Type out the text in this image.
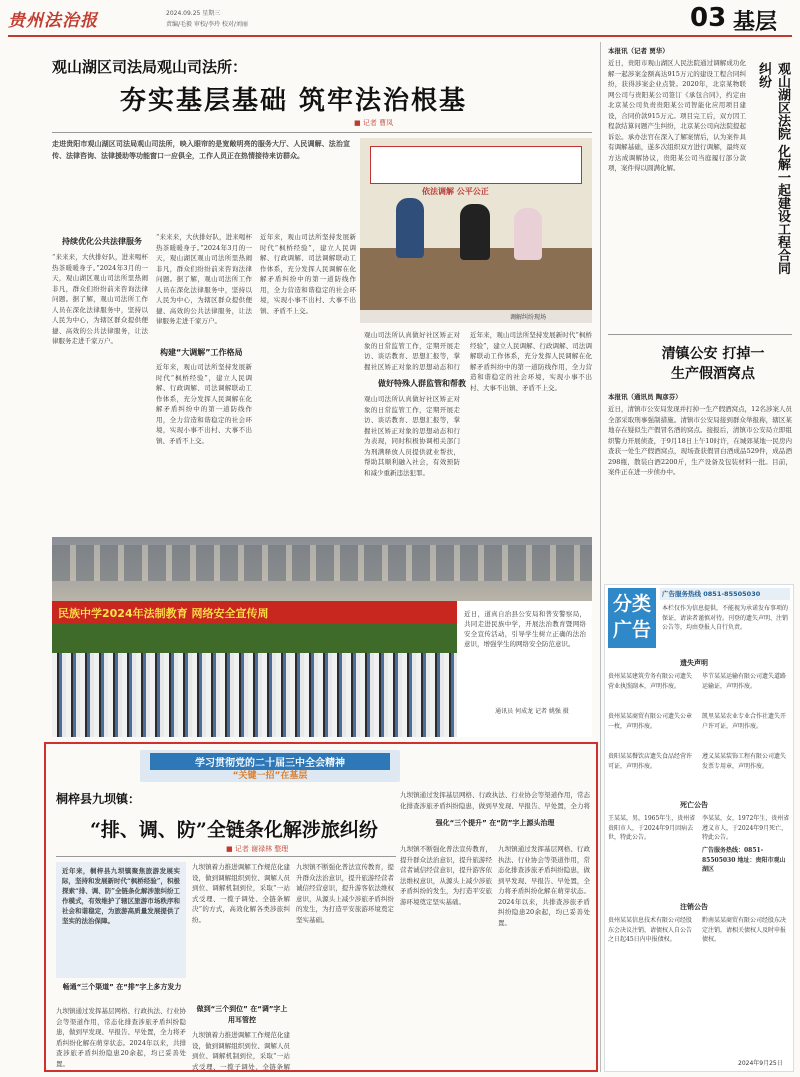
贵州法治报	2024.09.25 星期三
责编/毛毅 审校/李玲 校对/刘丽	03 基层
观山湖区司法局观山司法所：
夯实基层基础 筑牢法治根基
■ 记者 曹凤
走进贵阳市观山湖区司法局观山司法所，映入眼帘的是宽敞明亮的服务大厅、人民调解、法治宣传、法律咨询、法律援助等功能窗口一应俱全，工作人员正在热情接待来访群众。
依法调解 公平公正
调解纠纷现场
持续优化公共法律服务
“来来来，大伙排好队，进来喝杯热茶暖暖身子。”2024年3月的一天，观山湖区观山司法所里热闹非凡，群众们纷纷前来咨询法律问题。据了解，观山司法所工作人员在深化法律服务中，坚持以人民为中心，为辖区群众提供便捷、高效的公共法律服务，让法律服务走进千家万户。
“来来来，大伙排好队，进来喝杯热茶暖暖身子。”2024年3月的一天，观山湖区观山司法所里热闹非凡，群众们纷纷前来咨询法律问题。据了解，观山司法所工作人员在深化法律服务中，坚持以人民为中心，为辖区群众提供便捷、高效的公共法律服务，让法律服务走进千家万户。
构建“大调解”工作格局
近年来，观山司法所坚持发展新时代“枫桥经验”，建立人民调解、行政调解、司法调解联动工作体系，充分发挥人民调解在化解矛盾纠纷中的第一道防线作用，全力营造和谐稳定的社会环境，实现小事不出村、大事不出镇、矛盾不上交。
近年来，观山司法所坚持发展新时代“枫桥经验”，建立人民调解、行政调解、司法调解联动工作体系，充分发挥人民调解在化解矛盾纠纷中的第一道防线作用，全力营造和谐稳定的社会环境，实现小事不出村、大事不出镇、矛盾不上交。
观山司法所认真做好社区矫正对象的日常监管工作，定期开展走访、谈话教育、思想汇报等，掌握社区矫正对象的思想动态和行
做好特殊人群监管和帮教
观山司法所认真做好社区矫正对象的日常监管工作，定期开展走访、谈话教育、思想汇报等，掌握社区矫正对象的思想动态和行为表现，同时积极协调相关部门为刑满释放人员提供就业帮扶，帮助其顺利融入社会，有效预防和减少重新违法犯罪。
近年来，观山司法所坚持发展新时代“枫桥经验”，建立人民调解、行政调解、司法调解联动工作体系，充分发挥人民调解在化解矛盾纠纷中的第一道防线作用，全力营造和谐稳定的社会环境，实现小事不出村、大事不出镇、矛盾不上交。
民族中学2024年法制教育 网络安全宣传周	近日，道真自治县公安局和普安警察局，共同走进民族中学，开展法治教育暨网络安全宣传活动，引导学生树立正确的法治意识，增强学生的网络安全防范意识。
通讯员 何成龙 记者 姚强 摄
学习贯彻党的二十届三中全会精神
“关键一招”在基层
桐梓县九坝镇：
“排、调、防”全链条化解涉旅纠纷
■ 记者 谢禄林 整理
近年来，桐梓县九坝镇聚焦旅游发展实际，坚持和发展新时代“枫桥经验”，积极探索“排、调、防”全链条化解涉旅纠纷工作模式，有效维护了辖区旅游市场秩序和社会和谐稳定，为旅游高质量发展提供了坚实的法治保障。
畅通“三个渠道” 在“排”字上多方发力
九坝镇通过发挥基层网格、行政执法、行业协会等渠道作用，常态化排查涉旅矛盾纠纷隐患，做到早发现、早报告、早处置，全力将矛盾纠纷化解在萌芽状态。2024年以来，共排查涉旅矛盾纠纷隐患20余起，均已妥善处置。
九坝镇着力推进调解工作规范化建设，做到调解组织到位、调解人员到位、调解机制到位，采取“一站式受理、一揽子调处、全链条解决”的方式，高效化解各类涉旅纠纷。
做到“三个到位” 在“调”字上用耳管控
九坝镇着力推进调解工作规范化建设，做到调解组织到位、调解人员到位、调解机制到位，采取“一站式受理、一揽子调处、全链条解
九坝镇不断强化普法宣传教育，提升群众法治意识，提升旅游经营者诚信经营意识，提升游客依法维权意识，从源头上减少涉旅矛盾纠纷的发生，为打造平安旅游环境奠定坚实基础。
九坝镇通过发挥基层网格、行政执法、行业协会等渠道作用，常态化排查涉旅矛盾纠纷隐患，做到早发现、早报告、早处置，全力将
强化“三个提升” 在“防”字上源头治理
九坝镇不断强化普法宣传教育，提升群众法治意识，提升旅游经营者诚信经营意识，提升游客依法维权意识，从源头上减少涉旅矛盾纠纷的发生，为打造平安旅游环境奠定坚实基础。
九坝镇通过发挥基层网格、行政执法、行业协会等渠道作用，常态化排查涉旅矛盾纠纷隐患，做到早发现、早报告、早处置，全力将矛盾纠纷化解在萌芽状态。2024年以来，共排查涉旅矛盾纠纷隐患20余起，均已妥善处置。
观山湖区法院 化解一起建设工程合同纠纷
本报讯（记者 贾华）
近日，贵阳市观山湖区人民法院通过调解成功化解一起涉案金额高达915万元的建设工程合同纠纷，获得涉案企业点赞。2020年，北京某物联网公司与贵阳某公司签订《承包合同》，约定由北京某公司负责贵阳某公司智能化应用项目建设，合同价款915万元。项目完工后，双方因工程款结算问题产生纠纷，北京某公司向法院提起诉讼。承办法官在深入了解案情后，认为案件具有调解基础，遂多次组织双方进行调解，最终双方达成调解协议，贵阳某公司当庭履行部分款项，案件得以圆满化解。
清镇公安 打掉一生产假酒窝点
本报讯（通讯员 陶彦芬）
近日，清镇市公安局发现并打掉一生产假酒窝点，12名涉案人员全部采取刑事强制措施。清镇市公安局接到群众举报称，辖区某地存在疑似生产假冒名酒的窝点。接报后，清镇市公安局立即组织警力开展侦查，于9月18日上午10时许，在城郊某地一民房内查获一处生产假酒窝点，现场查获假冒白酒成品529件，成品酒298瓶，散装白酒2200斤，生产设备及包装材料一批。目前，案件正在进一步侦办中。
分类广告
广告服务热线 0851-85505030
本栏仅作为信息提供，不能视为承诺发布事项的保证，请读者谨慎对待。刊登的遗失声明、注销公告等，均由登报人自行负责。
遗失声明
贵州某某建筑劳务有限公司遗失营业执照副本，声明作废。
贵州某某商贸有限公司遗失公章一枚，声明作废。
贵阳某某餐饮店遗失食品经营许可证，声明作废。
毕节某某运输有限公司遗失道路运输证，声明作废。
凯里某某农业专业合作社遗失开户许可证，声明作废。
遵义某某装饰工程有限公司遗失发票专用章，声明作废。
死亡公告
王某某，男，1965年生，贵州省贵阳市人，于2024年9月因病去世，特此公告。
李某某，女，1972年生，贵州省遵义市人，于2024年9月死亡，特此公告。
广告服务热线：0851-85505030 地址：贵阳市观山湖区
注销公告
贵州某某信息技术有限公司经股东会决议注销，请债权人自公告之日起45日内申报债权。
黔南某某商贸有限公司经股东决定注销，请相关债权人及时申报债权。
2024年9月25日
